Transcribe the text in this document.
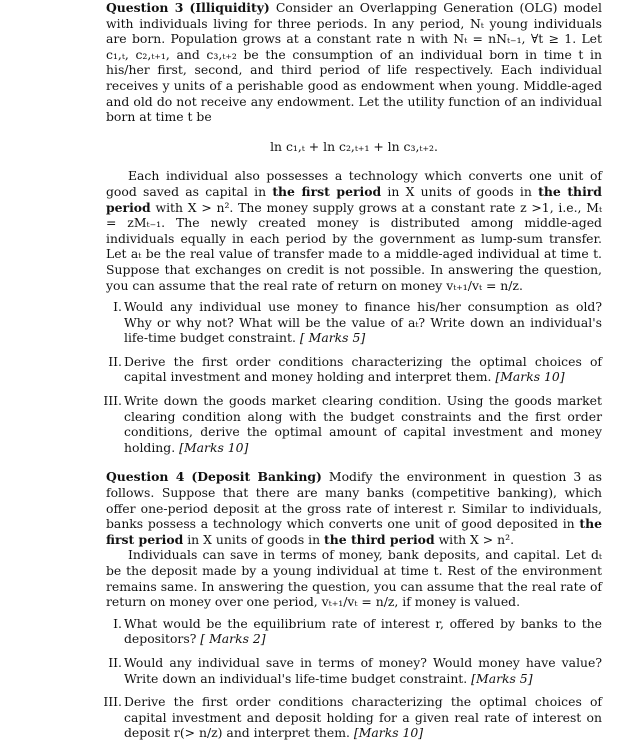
Question 3 (Illiquidity) Consider an Overlapping Generation (OLG) model with individuals living for three periods. In any period, Nₜ young individuals are born. Population grows at a constant rate n with Nₜ = nNₜ₋₁, ∀t ≥ 1. Let c₁,ₜ, c₂,ₜ₊₁, and c₃,ₜ₊₂ be the consumption of an individual born in time t in his/her first, second, and third period of life respectively. Each individual receives y units of a perishable good as endowment when young. Middle-aged and old do not receive any endowment. Let the utility function of an individual born at time t be

ln c₁,ₜ + ln c₂,ₜ₊₁ + ln c₃,ₜ₊₂.

Each individual also possesses a technology which converts one unit of good saved as capital in the first period in X units of goods in the third period with X > n². The money supply grows at a constant rate z >1, i.e., Mₜ = zMₜ₋₁. The newly created money is distributed among middle-aged individuals equally in each period by the government as lump-sum transfer. Let aₜ be the real value of transfer made to a middle-aged individual at time t. Suppose that exchanges on credit is not possible. In answering the question, you can assume that the real rate of return on money vₜ₊₁/vₜ = n/z.

I. Would any individual use money to finance his/her consumption as old? Why or why not? What will be the value of aₜ? Write down an individual's life-time budget constraint. [ Marks 5]
II. Derive the first order conditions characterizing the optimal choices of capital investment and money holding and interpret them. [Marks 10]
III. Write down the goods market clearing condition. Using the goods market clearing condition along with the budget constraints and the first order conditions, derive the optimal amount of capital investment and money holding. [Marks 10]

Question 4 (Deposit Banking) Modify the environment in question 3 as follows. Suppose that there are many banks (competitive banking), which offer one-period deposit at the gross rate of interest r. Similar to individuals, banks possess a technology which converts one unit of good deposited in the first period in X units of goods in the third period with X > n².

Individuals can save in terms of money, bank deposits, and capital. Let dₜ be the deposit made by a young individual at time t. Rest of the environment remains same. In answering the question, you can assume that the real rate of return on money over one period, vₜ₊₁/vₜ = n/z, if money is valued.

I. What would be the equilibrium rate of interest r, offered by banks to the depositors? [ Marks 2]
II. Would any individual save in terms of money? Would money have value? Write down an individual's life-time budget constraint. [Marks 5]
III. Derive the first order conditions characterizing the optimal choices of capital investment and deposit holding for a given real rate of interest on deposit r(> n/z) and interpret them. [Marks 10]
